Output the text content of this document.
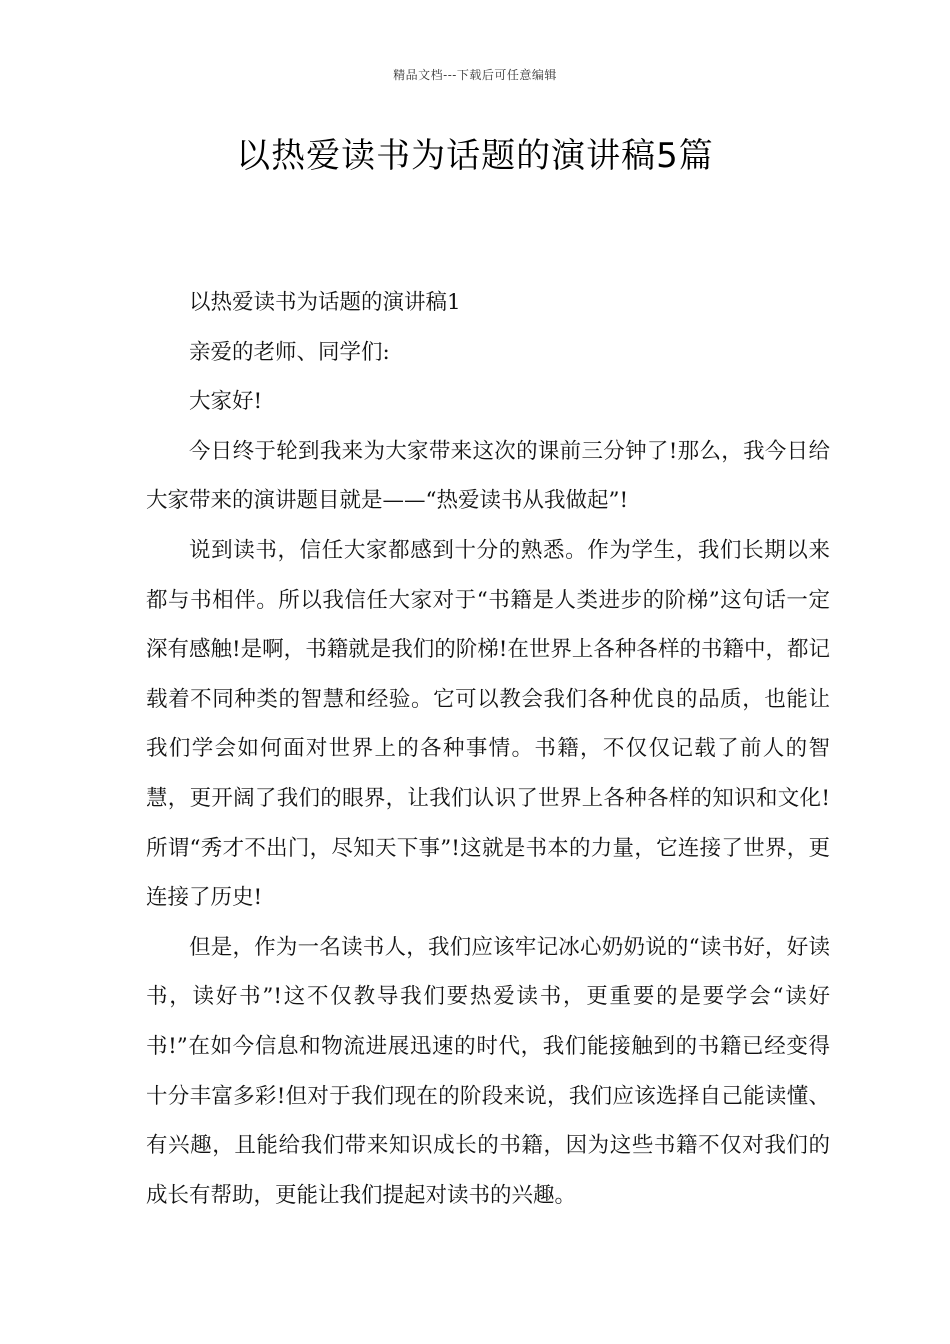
精品文档---下载后可任意编辑
以热爱读书为话题的演讲稿5篇

以热爱读书为话题的演讲稿1

亲爱的老师、同学们:

大家好!

今日终于轮到我来为大家带来这次的课前三分钟了!那么，我今日给大家带来的演讲题目就是——“热爱读书从我做起”!

说到读书，信任大家都感到十分的熟悉。作为学生，我们长期以来都与书相伴。所以我信任大家对于“书籍是人类进步的阶梯”这句话一定深有感触!是啊，书籍就是我们的阶梯!在世界上各种各样的书籍中，都记载着不同种类的智慧和经验。它可以教会我们各种优良的品质，也能让我们学会如何面对世界上的各种事情。书籍，不仅仅记载了前人的智慧，更开阔了我们的眼界，让我们认识了世界上各种各样的知识和文化!所谓“秀才不出门，尽知天下事”!这就是书本的力量，它连接了世界，更连接了历史!

但是，作为一名读书人，我们应该牢记冰心奶奶说的“读书好，好读书，读好书”!这不仅教导我们要热爱读书，更重要的是要学会“读好书!”在如今信息和物流进展迅速的时代，我们能接触到的书籍已经变得十分丰富多彩!但对于我们现在的阶段来说，我们应该选择自己能读懂、有兴趣，且能给我们带来知识成长的书籍，因为这些书籍不仅对我们的成长有帮助，更能让我们提起对读书的兴趣。
